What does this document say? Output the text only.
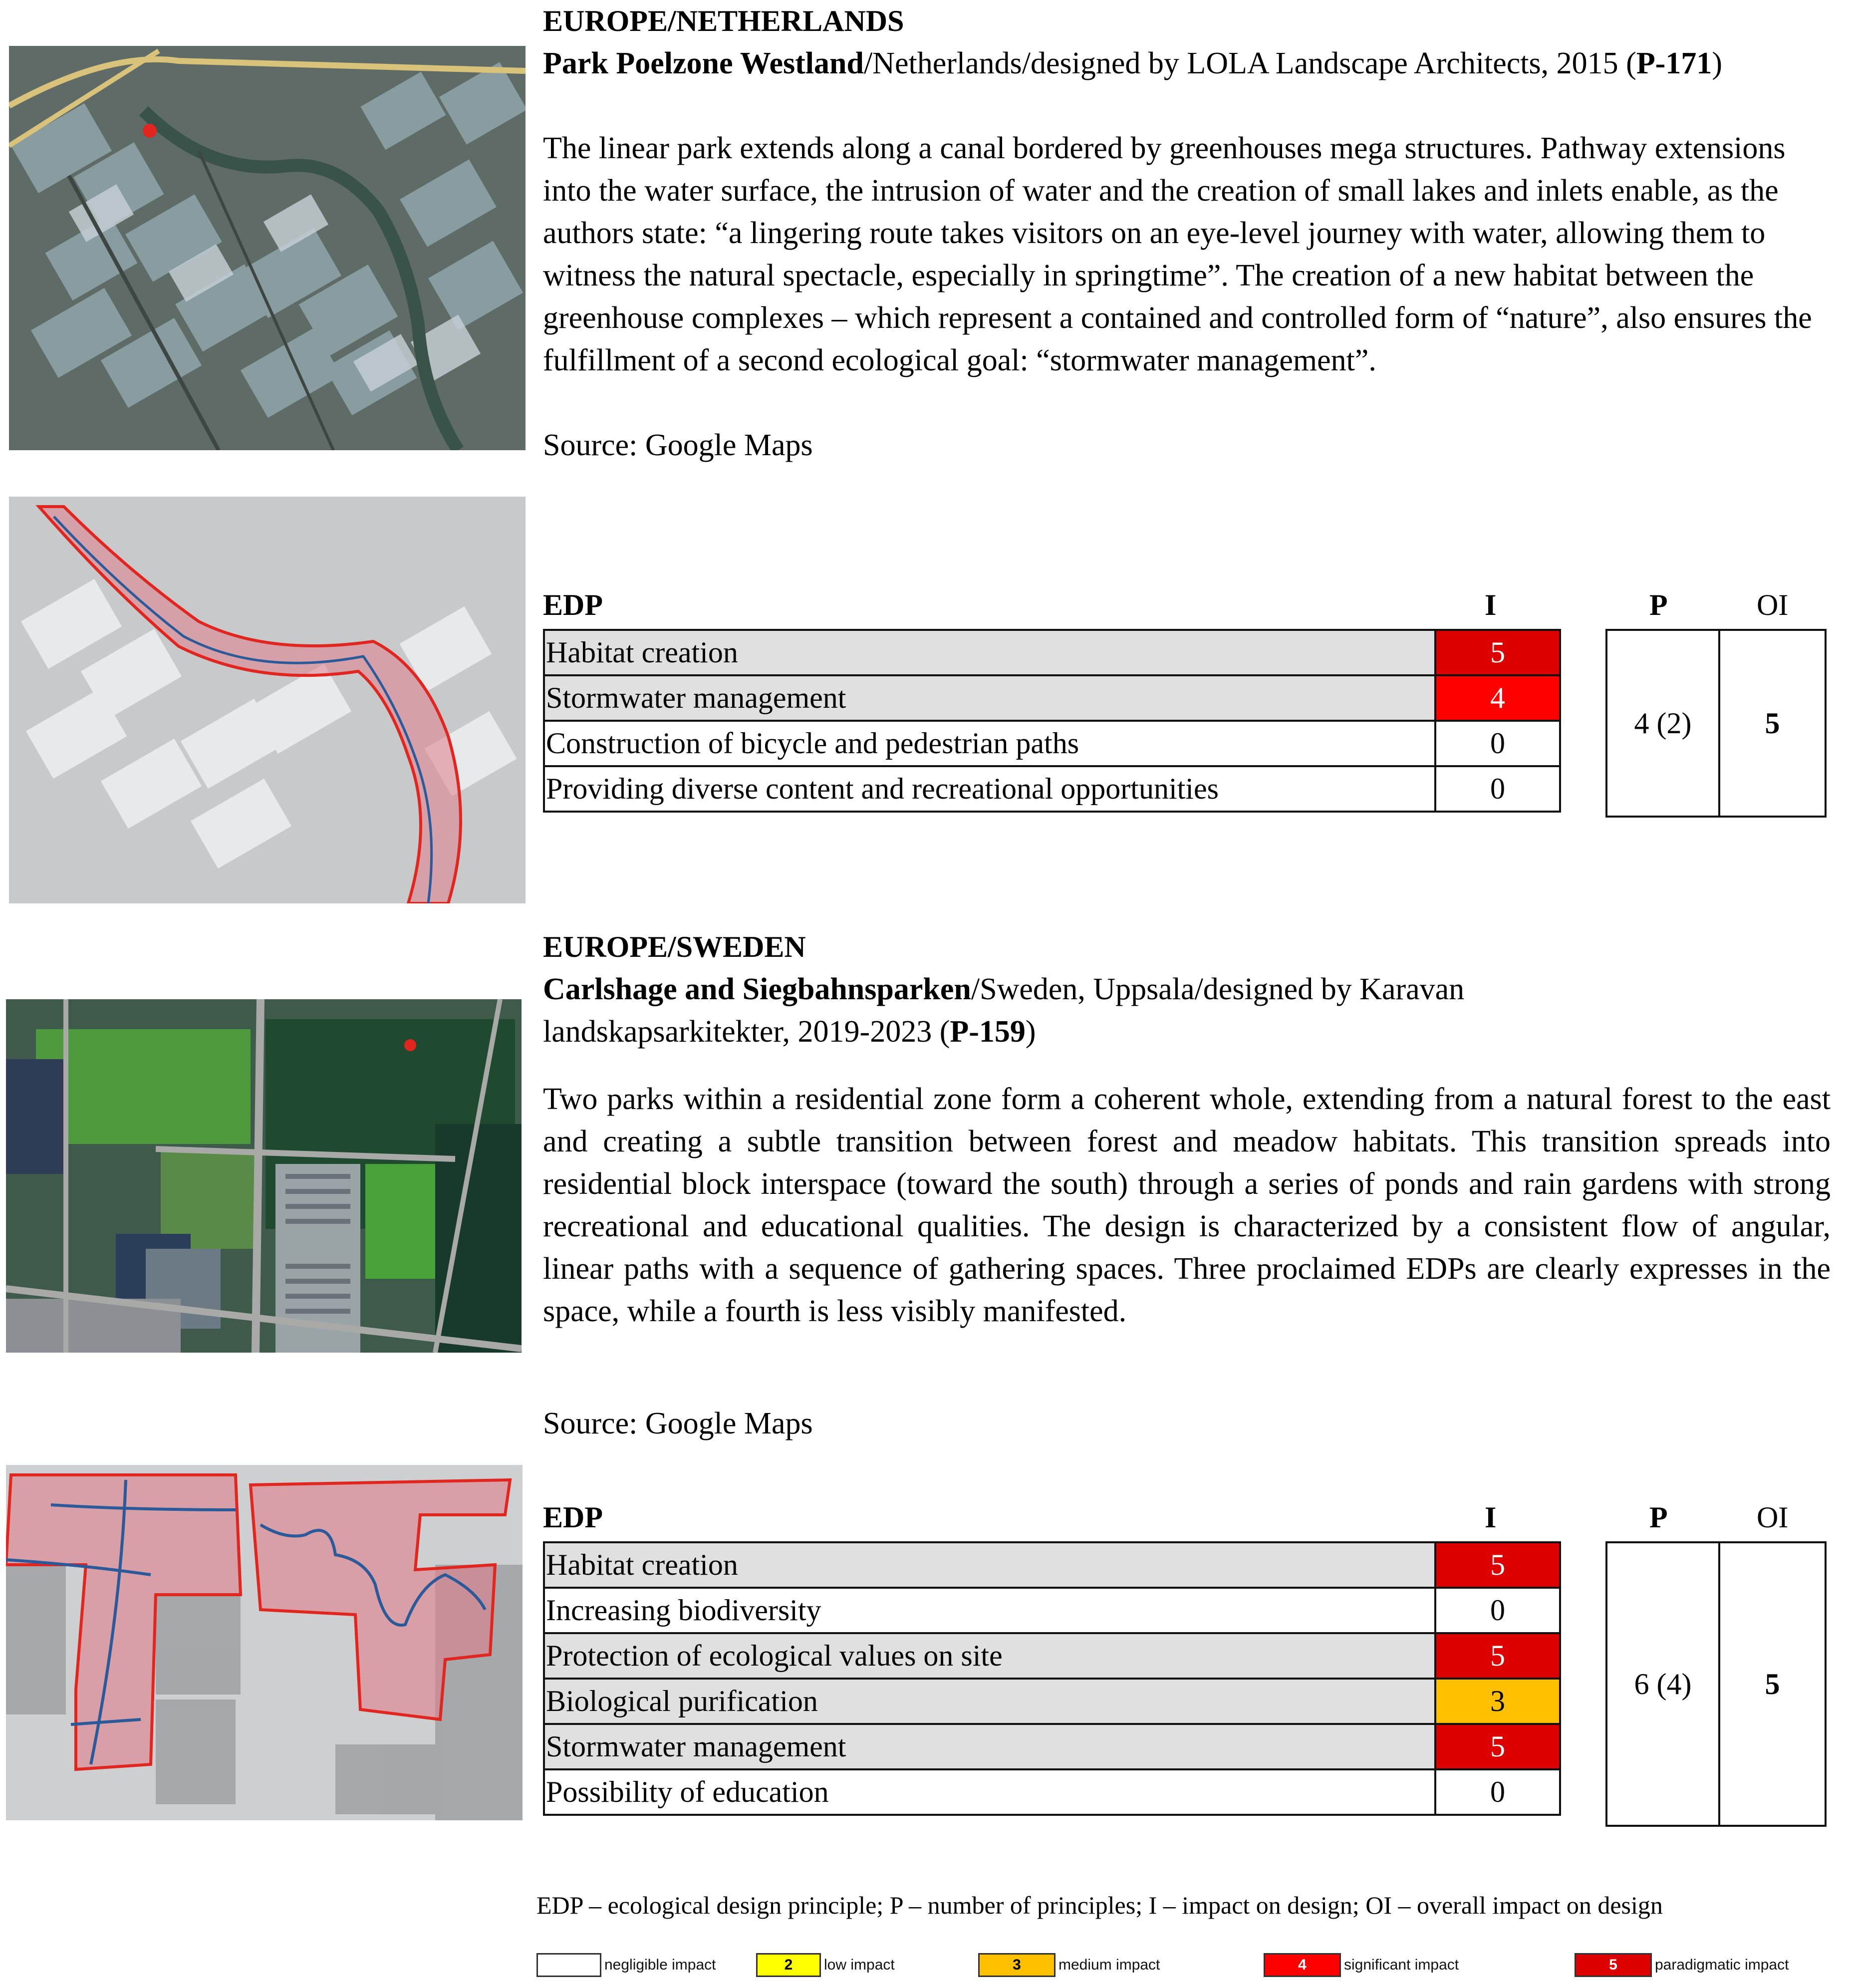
EUROPE/NETHERLANDS
Park Poelzone Westland/Netherlands/designed by LOLA Landscape Architects, 2015 (P-171)
The linear park extends along a canal bordered by greenhouses mega structures. Pathway extensions into the water surface, the intrusion of water and the creation of small lakes and inlets enable, as the authors state: “a lingering route takes visitors on an eye-level journey with water, allowing them to witness the natural spectacle, especially in springtime”. The creation of a new habitat between the greenhouse complexes – which represent a contained and controlled form of “nature”, also ensures the fulfillment of a second ecological goal: “stormwater management”.
Source: Google Maps
EDP	I	P	OI
Habitat creation	5
Stormwater management	4
Construction of bicycle and pedestrian paths	0
Providing diverse content and recreational opportunities	0
4 (2)	5
EUROPE/SWEDEN
Carlshage and Siegbahnsparken/Sweden, Uppsala/designed by Karavan landskapsarkitekter, 2019-2023 (P-159)
Two parks within a residential zone form a coherent whole, extending from a natural forest to the east and creating a subtle transition between forest and meadow habitats. This transition spreads into residential block interspace (toward the south) through a series of ponds and rain gardens with strong recreational and educational qualities. The design is characterized by a consistent flow of angular, linear paths with a sequence of gathering spaces. Three proclaimed EDPs are clearly expresses in the space, while a fourth is less visibly manifested.
Source: Google Maps
EDP	I	P	OI
Habitat creation	5
Increasing biodiversity	0
Protection of ecological values on site	5
Biological purification	3
Stormwater management	5
Possibility of education	0
6 (4)	5
EDP – ecological design principle; P – number of principles; I – impact on design; OI – overall impact on design
negligible impact	2	low impact	3	medium impact	4	significant impact	5	paradigmatic impact
